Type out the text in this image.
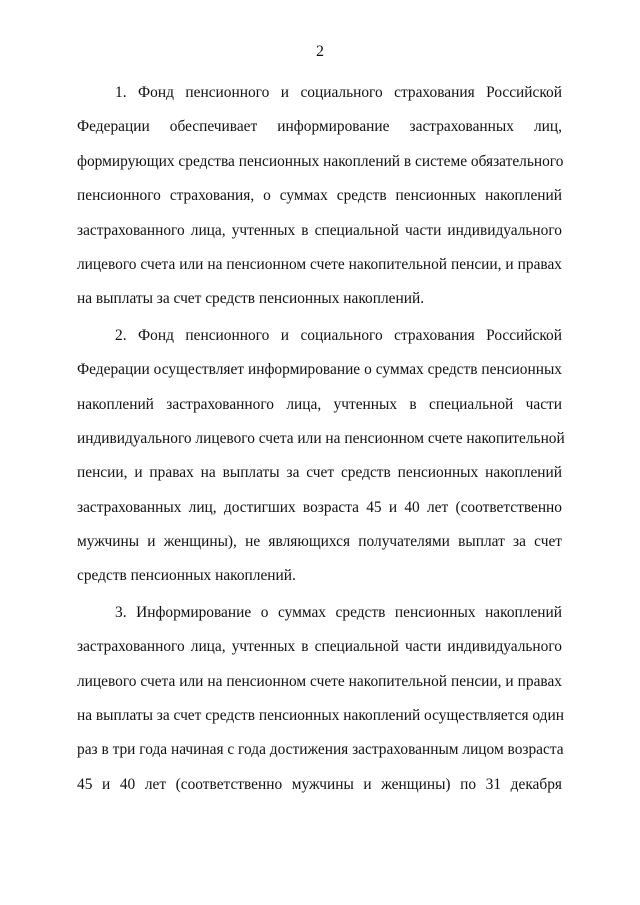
2
1. Фонд пенсионного и социального страхования Российской
Федерации обеспечивает информирование застрахованных лиц,
формирующих средства пенсионных накоплений в системе обязательного
пенсионного страхования, о суммах средств пенсионных накоплений
застрахованного лица, учтенных в специальной части индивидуального
лицевого счета или на пенсионном счете накопительной пенсии, и правах
на выплаты за счет средств пенсионных накоплений.
2. Фонд пенсионного и социального страхования Российской
Федерации осуществляет информирование о суммах средств пенсионных
накоплений застрахованного лица, учтенных в специальной части
индивидуального лицевого счета или на пенсионном счете накопительной
пенсии, и правах на выплаты за счет средств пенсионных накоплений
застрахованных лиц, достигших возраста 45 и 40 лет (соответственно
мужчины и женщины), не являющихся получателями выплат за счет
средств пенсионных накоплений.
3. Информирование о суммах средств пенсионных накоплений
застрахованного лица, учтенных в специальной части индивидуального
лицевого счета или на пенсионном счете накопительной пенсии, и правах
на выплаты за счет средств пенсионных накоплений осуществляется один
раз в три года начиная с года достижения застрахованным лицом возраста
45 и 40 лет (соответственно мужчины и женщины) по 31 декабря
